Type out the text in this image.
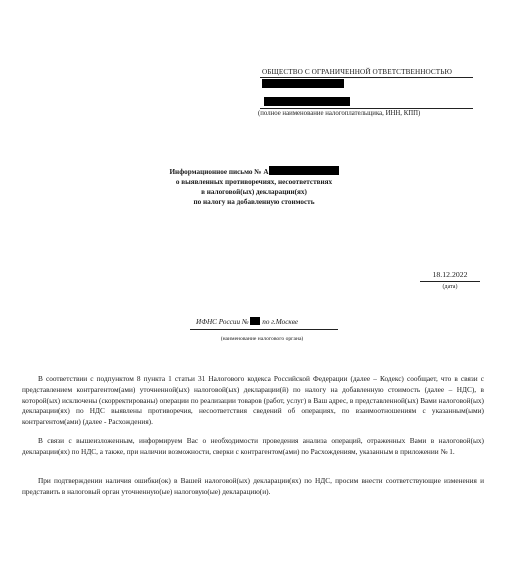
ОБЩЕСТВО С ОГРАНИЧЕННОЙ ОТВЕТСТВЕННОСТЬЮ
(полное наименование налогоплательщика, ИНН, КПП)
Информационное письмо № А
о выявленных противоречиях, несоответствиях
в налоговой(ых) декларации(ях)
по налогу на добавленную стоимость
18.12.2022
(дата)
ИФНС России № по г.Москве
(наименование налогового органа)
В соответствии с подпунктом 8 пункта 1 статьи 31 Налогового кодекса Российской Федерации (далее – Кодекс) сообщает, что в связи с представлением контрагентом(ами) уточненной(ых) налоговой(ых) декларации(й) по налогу на добавленную стоимость (далее – НДС), в которой(ых) исключены (скорректированы) операции по реализации товаров (работ, услуг) в Ваш адрес, в представленной(ых) Вами налоговой(ых) декларации(ях) по НДС выявлены противоречия, несоответствия сведений об операциях, по взаимоотношениям с указанным(ыми) контрагентом(ами) (далее - Расхождения).
В связи с вышеизложенным, информируем Вас о необходимости проведения анализа операций, отраженных Вами в налоговой(ых) декларации(ях) по НДС, а также, при наличии возможности, сверки с контрагентом(ами) по Расхождениям, указанным в приложении № 1.
При подтверждении наличия ошибки(ок) в Вашей налоговой(ых) декларации(ях) по НДС, просим внести соответствующие изменения и представить в налоговый орган уточненную(ые) налоговую(ые) декларацию(и).
